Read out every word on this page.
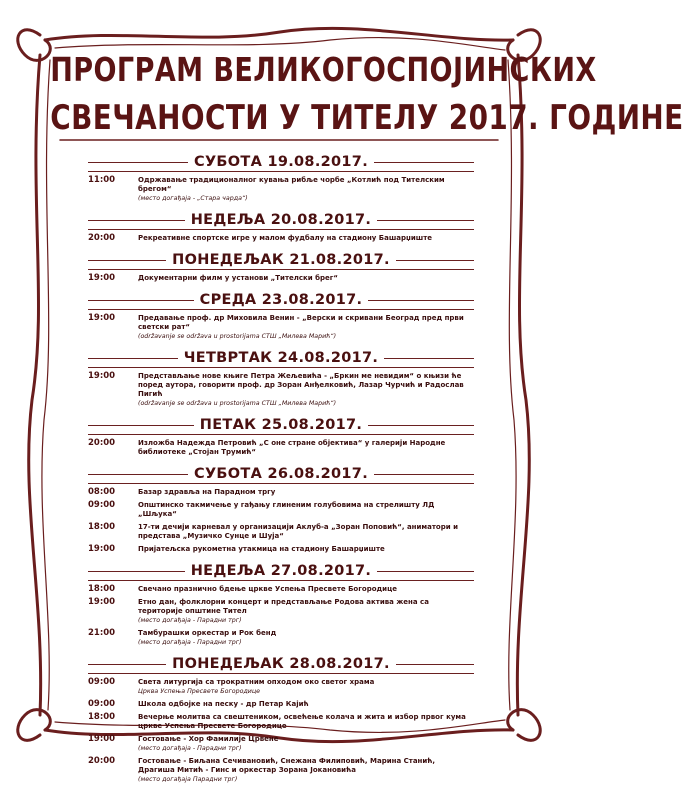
ПРОГРАМ ВЕЛИКОГОСПОЈИНСКИХ
СВЕЧАНОСТИ У ТИТЕЛУ 2017. ГОДИНЕ
СУБОТА 19.08.2017.
11:00	Одржавање традиционалног кувања рибље чорбе „Котлић под Тителским брегом“
(место догађаја - „Стара чарда“)
НЕДЕЉА 20.08.2017.
20:00	Рекреативне спортске игре у малом фудбалу на стадиону Башарџиште
ПОНЕДЕЉАК 21.08.2017.
19:00	Документарни филм у установи „Тителски брег“
СРЕДА 23.08.2017.
19:00	Предавање проф. др Миховила Венин - „Верски и скривани Београд пред први светски рат“
(održavanje se održava u prostorijama СТШ „Милева Марић“)
ЧЕТВРТАК 24.08.2017.
19:00	Представљање нове књиге Петра Жељевића - „Бркин ме невидим“ о књизи ће поред аутора, говорити проф. др Зоран Анђелковић, Лазар Чурчић и Радослав Пигић
(održavanje se održava u prostorijama СТШ „Милева Марић“)
ПЕТАК 25.08.2017.
20:00	Изложба Надежда Петровић „С оне стране објектива“ у галерији Народне библиотеке „Стојан Трумић“
СУБОТА 26.08.2017.
08:00	Базар здравља на Парадном тргу
09:00	Општинско такмичење у гађању глиненим голубовима на стрелишту ЛД „Шљука“
18:00	17-ти дечији карневал у организацији Аклуб-а „Зоран Поповић“, аниматори и представа „Музичко Сунце и Шуја“
19:00	Пријатељска рукометна утакмица на стадиону Башарџиште
НЕДЕЉА 27.08.2017.
18:00	Свечано празнично бдење цркве Успења Пресвете Богородице
19:00	Етно дан, фолклорни концерт и представљање Родова актива жена са територије општине Тител
(место догађаја - Парадни трг)
21:00	Тамбурашки оркестар и Рок бенд
(место догађаја - Парадни трг)
ПОНЕДЕЉАК 28.08.2017.
09:00	Света литургија са трократним опходом око светог храма
Црква Успења Пресвете Богородице
09:00	Школа одбојке на песку - др Петар Кајић
18:00	Вечерње молитва са свештеником, освећење колача и жита и избор првог кума цркве Успења Пресвете Богородице
19:00	Гостовање - Хор Фамилије Црвене
(место догађаја - Парадни трг)
20:00	Гостовање - Биљана Сечивановић, Снежана Филиповић, Марина Станић, Драгиша Митић - Гинс и оркестар Зорана Јокановића
(место догађаја Парадни трг)
